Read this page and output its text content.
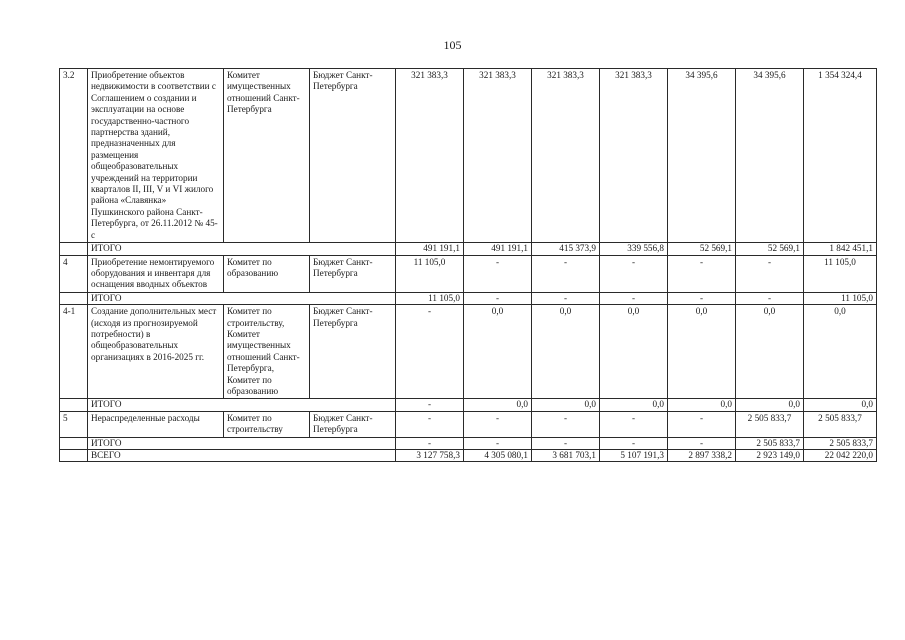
105
3.2	Приобретение объектов недвижимости в соответствии с Соглашением о создании и эксплуатации на основе государственно-частного партнерства зданий, предназначенных для размещения общеобразовательных учреждений на территории кварталов II, III, V и VI жилого района «Славянка» Пушкинского района Санкт-Петербурга, от 26.11.2012 № 45-с	Комитет имущественных отношений Санкт-Петербурга	Бюджет Санкт-Петербурга	321 383,3	321 383,3	321 383,3	321 383,3	34 395,6	34 395,6	1 354 324,4
	ИТОГО			491 191,1	491 191,1	415 373,9	339 556,8	52 569,1	52 569,1	1 842 451,1
4	Приобретение немонтируемого оборудования и инвентаря для оснащения вводных объектов	Комитет по образованию	Бюджет Санкт-Петербурга	11 105,0	-	-	-	-	-	11 105,0
	ИТОГО			11 105,0	-	-	-	-	-	11 105,0
4-1	Создание дополнительных мест (исходя из прогнозируемой потребности) в общеобразовательных организациях в 2016-2025 гг.	Комитет по строительству, Комитет имущественных отношений Санкт-Петербурга, Комитет по образованию	Бюджет Санкт-Петербурга	-	0,0	0,0	0,0	0,0	0,0	0,0
	ИТОГО			-	0,0	0,0	0,0	0,0	0,0	0,0
5	Нераспределенные расходы	Комитет по строительству	Бюджет Санкт-Петербурга	-	-	-	-	-	2 505 833,7	2 505 833,7
	ИТОГО			-	-	-	-	-	2 505 833,7	2 505 833,7
	ВСЕГО			3 127 758,3	4 305 080,1	3 681 703,1	5 107 191,3	2 897 338,2	2 923 149,0	22 042 220,0
